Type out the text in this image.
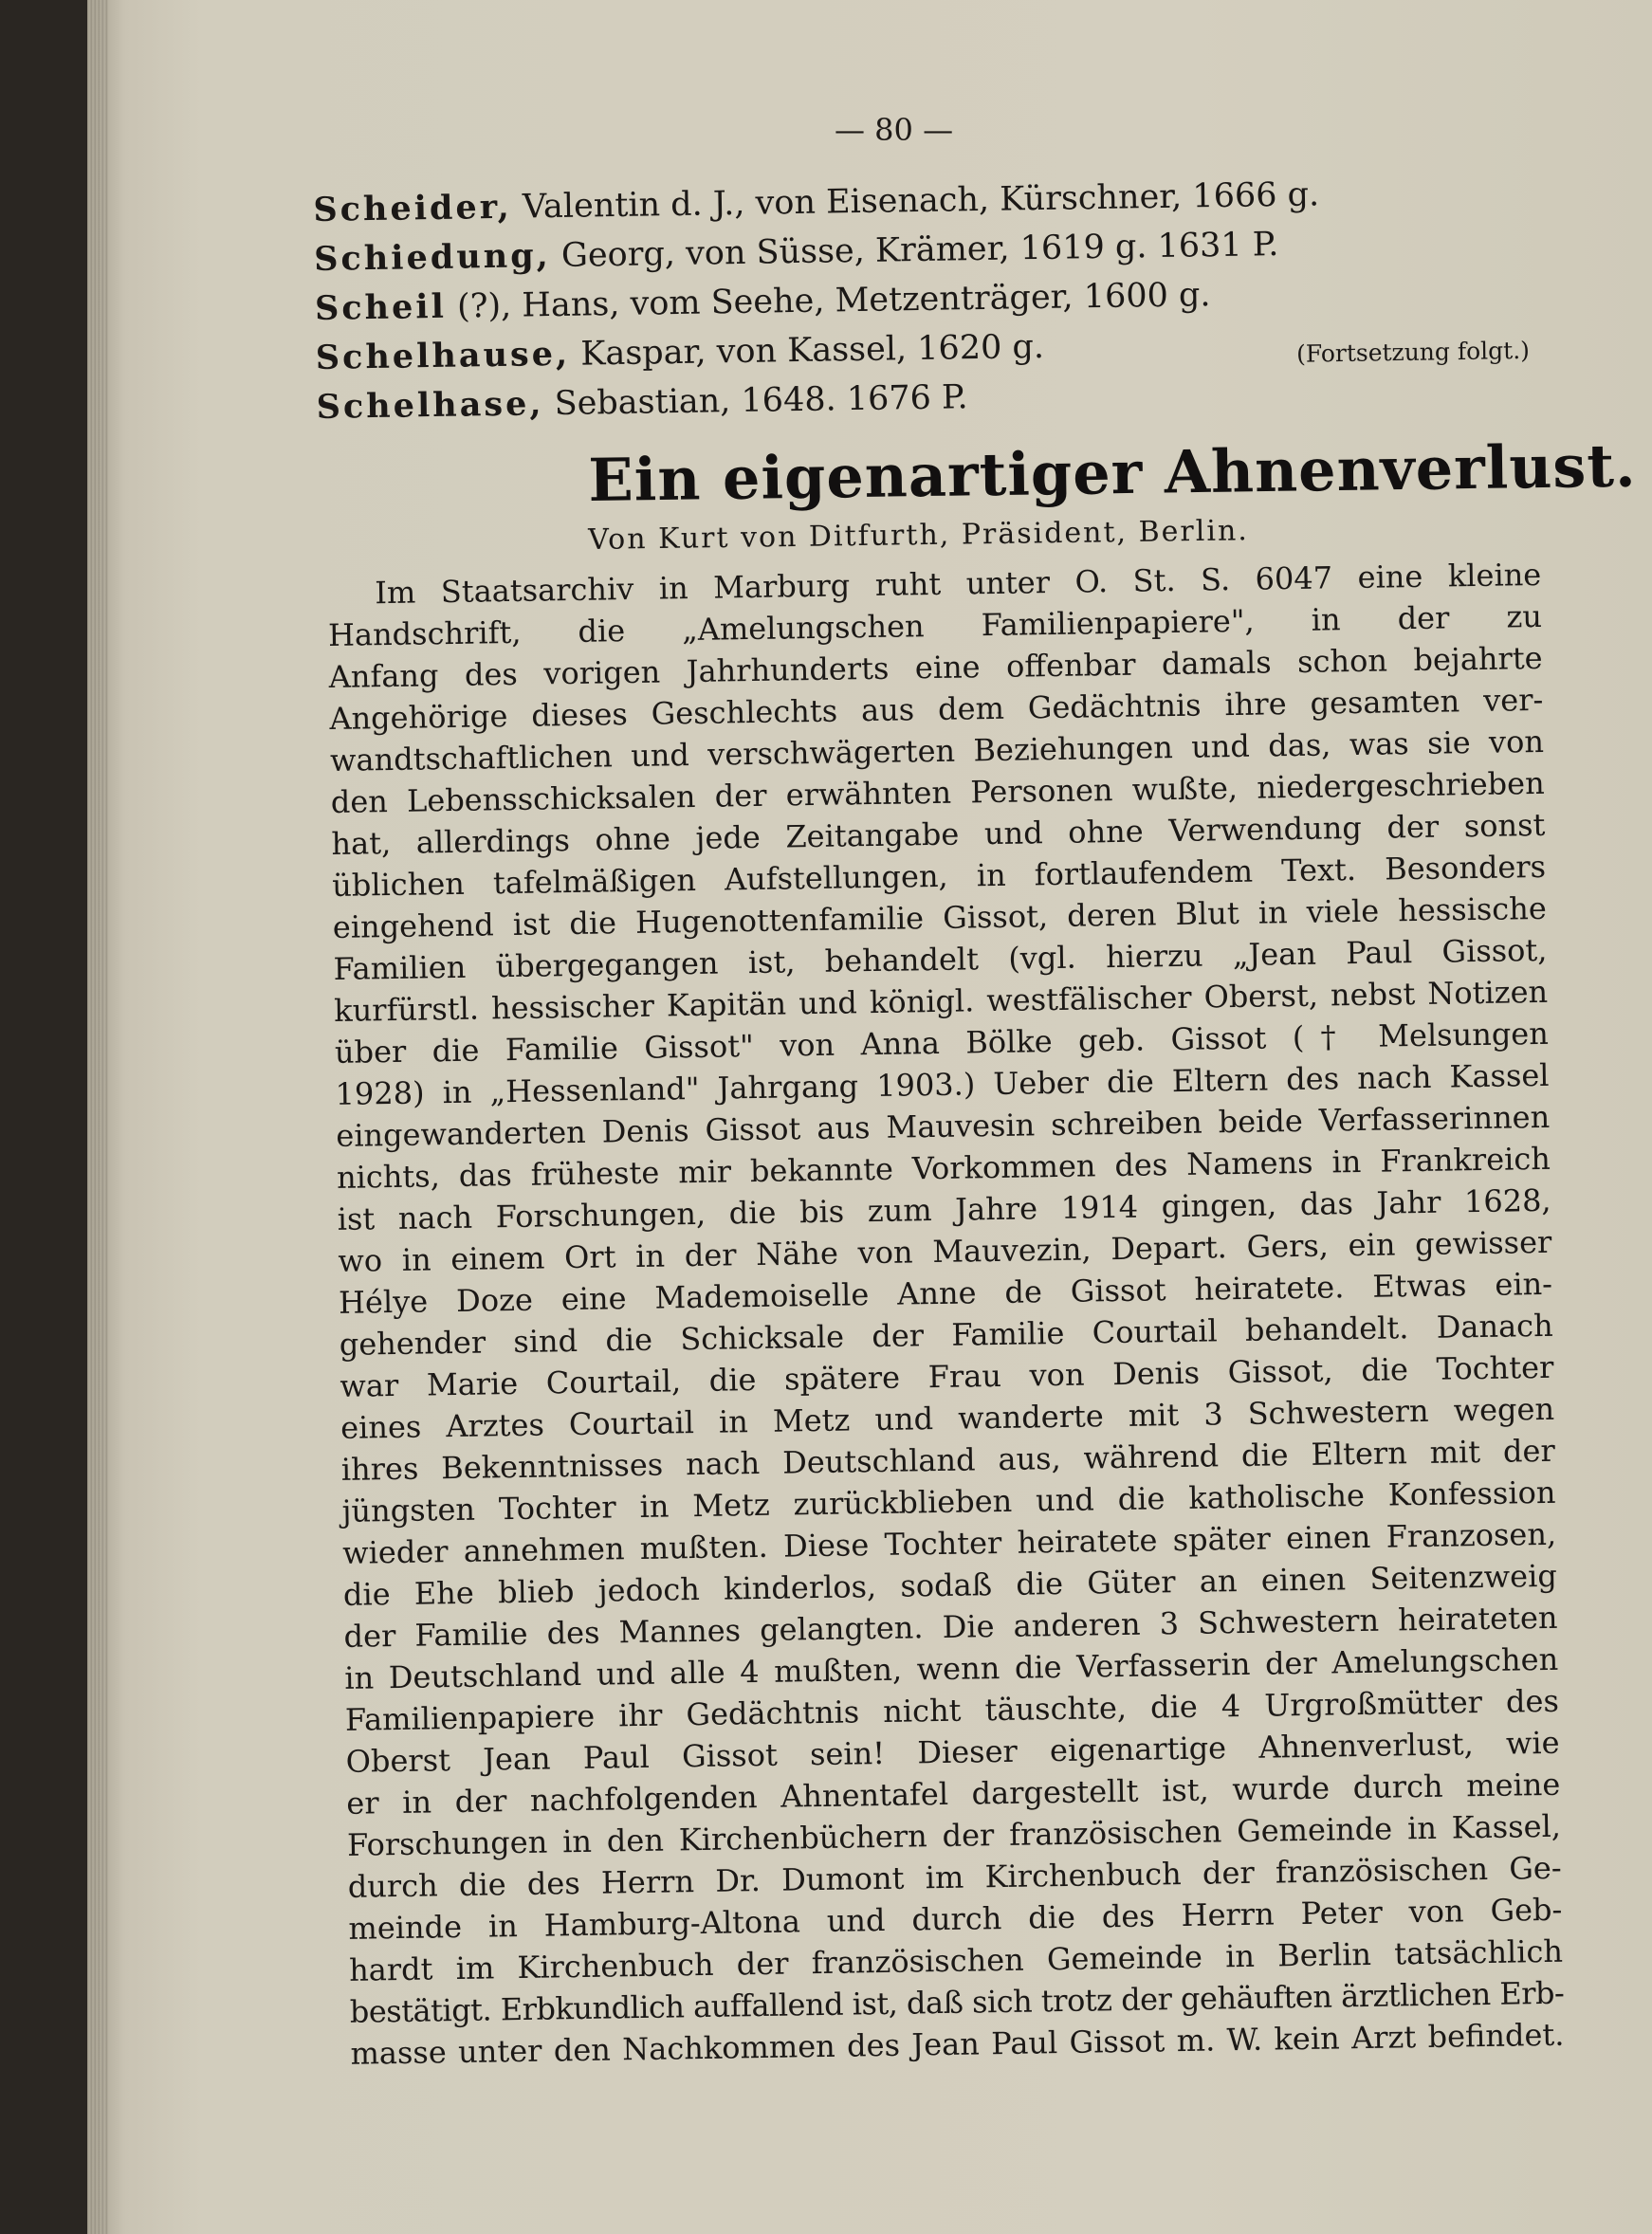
— 80 —
Scheider, Valentin d. J., von Eisenach, Kürschner, 1666 g.
Schiedung, Georg, von Süsse, Krämer, 1619 g. 1631 P.
Scheil (?), Hans, vom Seehe, Metzenträger, 1600 g.
Schelhause, Kaspar, von Kassel, 1620 g.
Schelhase, Sebastian, 1648. 1676 P.
(Fortsetzung folgt.)
Ein eigenartiger Ahnenverlust.
Von Kurt von Ditfurth, Präsident, Berlin.
Im Staatsarchiv in Marburg ruht unter O. St. S. 6047 eine kleine
Handschrift, die „Amelungschen Familienpapiere", in der zu
Anfang des vorigen Jahrhunderts eine offenbar damals schon bejahrte
Angehörige dieses Geschlechts aus dem Gedächtnis ihre gesamten ver-
wandtschaftlichen und verschwägerten Beziehungen und das, was sie von
den Lebensschicksalen der erwähnten Personen wußte, niedergeschrieben
hat, allerdings ohne jede Zeitangabe und ohne Verwendung der sonst
üblichen tafelmäßigen Aufstellungen, in fortlaufendem Text. Besonders
eingehend ist die Hugenottenfamilie Gissot, deren Blut in viele hessische
Familien übergegangen ist, behandelt (vgl. hierzu „Jean Paul Gissot,
kurfürstl. hessischer Kapitän und königl. westfälischer Oberst, nebst Notizen
über die Familie Gissot" von Anna Bölke geb. Gissot († Melsungen
1928) in „Hessenland" Jahrgang 1903.) Ueber die Eltern des nach Kassel
eingewanderten Denis Gissot aus Mauvesin schreiben beide Verfasserinnen
nichts, das früheste mir bekannte Vorkommen des Namens in Frankreich
ist nach Forschungen, die bis zum Jahre 1914 gingen, das Jahr 1628,
wo in einem Ort in der Nähe von Mauvezin, Depart. Gers, ein gewisser
Hélye Doze eine Mademoiselle Anne de Gissot heiratete. Etwas ein-
gehender sind die Schicksale der Familie Courtail behandelt. Danach
war Marie Courtail, die spätere Frau von Denis Gissot, die Tochter
eines Arztes Courtail in Metz und wanderte mit 3 Schwestern wegen
ihres Bekenntnisses nach Deutschland aus, während die Eltern mit der
jüngsten Tochter in Metz zurückblieben und die katholische Konfession
wieder annehmen mußten. Diese Tochter heiratete später einen Franzosen,
die Ehe blieb jedoch kinderlos, sodaß die Güter an einen Seitenzweig
der Familie des Mannes gelangten. Die anderen 3 Schwestern heirateten
in Deutschland und alle 4 mußten, wenn die Verfasserin der Amelungschen
Familienpapiere ihr Gedächtnis nicht täuschte, die 4 Urgroßmütter des
Oberst Jean Paul Gissot sein! Dieser eigenartige Ahnenverlust, wie
er in der nachfolgenden Ahnentafel dargestellt ist, wurde durch meine
Forschungen in den Kirchenbüchern der französischen Gemeinde in Kassel,
durch die des Herrn Dr. Dumont im Kirchenbuch der französischen Ge-
meinde in Hamburg-Altona und durch die des Herrn Peter von Geb-
hardt im Kirchenbuch der französischen Gemeinde in Berlin tatsächlich
bestätigt. Erbkundlich auffallend ist, daß sich trotz der gehäuften ärztlichen Erb-
masse unter den Nachkommen des Jean Paul Gissot m. W. kein Arzt befindet.
